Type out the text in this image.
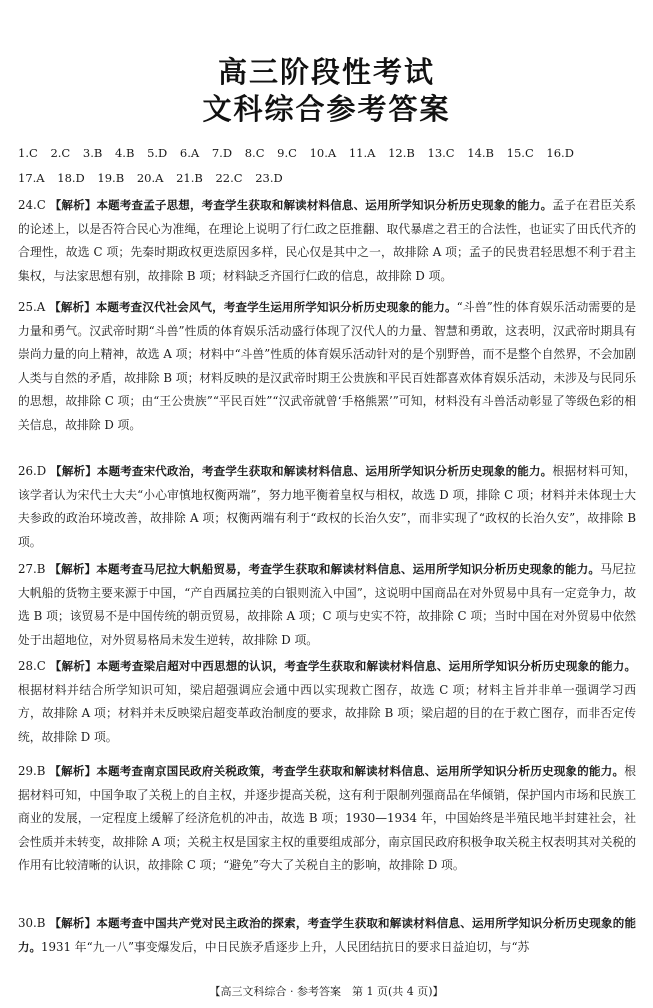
高三阶段性考试
文科综合参考答案
1.C 2.C 3.B 4.B 5.D 6.A 7.D 8.C 9.C 10.A 11.A 12.B 13.C 14.B 15.C 16.D
17.A 18.D 19.B 20.A 21.B 22.C 23.D
24.C 【解析】本题考查孟子思想，考查学生获取和解读材料信息、运用所学知识分析历史现象的能力。孟子在君臣关系的论述上，以是否符合民心为准绳，在理论上说明了行仁政之臣推翻、取代暴虐之君王的合法性，也证实了田氏代齐的合理性，故选 C 项；先秦时期政权更迭原因多样，民心仅是其中之一，故排除 A 项；孟子的民贵君轻思想不利于君主集权，与法家思想有别，故排除 B 项；材料缺乏齐国行仁政的信息，故排除 D 项。
25.A 【解析】本题考查汉代社会风气，考查学生运用所学知识分析历史现象的能力。“斗兽”性的体育娱乐活动需要的是力量和勇气。汉武帝时期“斗兽”性质的体育娱乐活动盛行体现了汉代人的力量、智慧和勇敢，这表明，汉武帝时期具有崇尚力量的向上精神，故选 A 项；材料中“斗兽”性质的体育娱乐活动针对的是个别野兽，而不是整个自然界，不会加剧人类与自然的矛盾，故排除 B 项；材料反映的是汉武帝时期王公贵族和平民百姓都喜欢体育娱乐活动，未涉及与民同乐的思想，故排除 C 项；由“王公贵族”“平民百姓”“汉武帝就曾‘手格熊罴’”可知，材料没有斗兽活动彰显了等级色彩的相关信息，故排除 D 项。
26.D 【解析】本题考查宋代政治，考查学生获取和解读材料信息、运用所学知识分析历史现象的能力。根据材料可知，该学者认为宋代士大夫“小心审慎地权衡两端”，努力地平衡着皇权与相权，故选 D 项，排除 C 项；材料并未体现士大夫参政的政治环境改善，故排除 A 项；权衡两端有利于“政权的长治久安”，而非实现了“政权的长治久安”，故排除 B 项。
27.B 【解析】本题考查马尼拉大帆船贸易，考查学生获取和解读材料信息、运用所学知识分析历史现象的能力。马尼拉大帆船的货物主要来源于中国，“产自西属拉美的白银则流入中国”，这说明中国商品在对外贸易中具有一定竞争力，故选 B 项；该贸易不是中国传统的朝贡贸易，故排除 A 项；C 项与史实不符，故排除 C 项；当时中国在对外贸易中依然处于出超地位，对外贸易格局未发生逆转，故排除 D 项。
28.C 【解析】本题考查梁启超对中西思想的认识，考查学生获取和解读材料信息、运用所学知识分析历史现象的能力。根据材料并结合所学知识可知，梁启超强调应会通中西以实现救亡图存，故选 C 项；材料主旨并非单一强调学习西方，故排除 A 项；材料并未反映梁启超变革政治制度的要求，故排除 B 项；梁启超的目的在于救亡图存，而非否定传统，故排除 D 项。
29.B 【解析】本题考查南京国民政府关税政策，考查学生获取和解读材料信息、运用所学知识分析历史现象的能力。根据材料可知，中国争取了关税上的自主权，并逐步提高关税，这有利于限制列强商品在华倾销，保护国内市场和民族工商业的发展，一定程度上缓解了经济危机的冲击，故选 B 项；1930—1934 年，中国始终是半殖民地半封建社会，社会性质并未转变，故排除 A 项；关税主权是国家主权的重要组成部分，南京国民政府积极争取关税主权表明其对关税的作用有比较清晰的认识，故排除 C 项；“避免”夸大了关税自主的影响，故排除 D 项。
30.B 【解析】本题考查中国共产党对民主政治的探索，考查学生获取和解读材料信息、运用所学知识分析历史现象的能力。1931 年“九一八”事变爆发后，中日民族矛盾逐步上升，人民团结抗日的要求日益迫切，与“苏
【高三文科综合 · 参考答案　第 1 页(共 4 页)】
